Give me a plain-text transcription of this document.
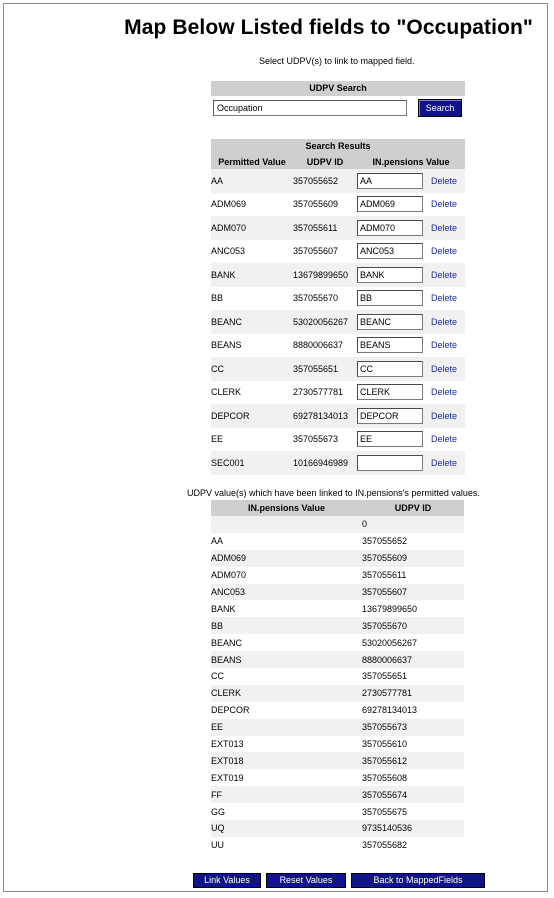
Map Below Listed fields to "Occupation"
Select UDPV(s) to link to mapped field.
UDPV Search
Occupation	Search
Search Results
Permitted Value	UDPV ID	IN.pensions Value	
AA	357055652	AA	Delete
ADM069	357055609	ADM069	Delete
ADM070	357055611	ADM070	Delete
ANC053	357055607	ANC053	Delete
BANK	13679899650	BANK	Delete
BB	357055670	BB	Delete
BEANC	53020056267	BEANC	Delete
BEANS	8880006637	BEANS	Delete
CC	357055651	CC	Delete
CLERK	2730577781	CLERK	Delete
DEPCOR	69278134013	DEPCOR	Delete
EE	357055673	EE	Delete
SEC001	10166946989		Delete
UDPV value(s) which have been linked to IN.pensions's permitted values.
IN.pensions Value	UDPV ID
	0
AA	357055652
ADM069	357055609
ADM070	357055611
ANC053	357055607
BANK	13679899650
BB	357055670
BEANC	53020056267
BEANS	8880006637
CC	357055651
CLERK	2730577781
DEPCOR	69278134013
EE	357055673
EXT013	357055610
EXT018	357055612
EXT019	357055608
FF	357055674
GG	357055675
UQ	9735140536
UU	357055682
Link Values	Reset Values	Back to MappedFields
